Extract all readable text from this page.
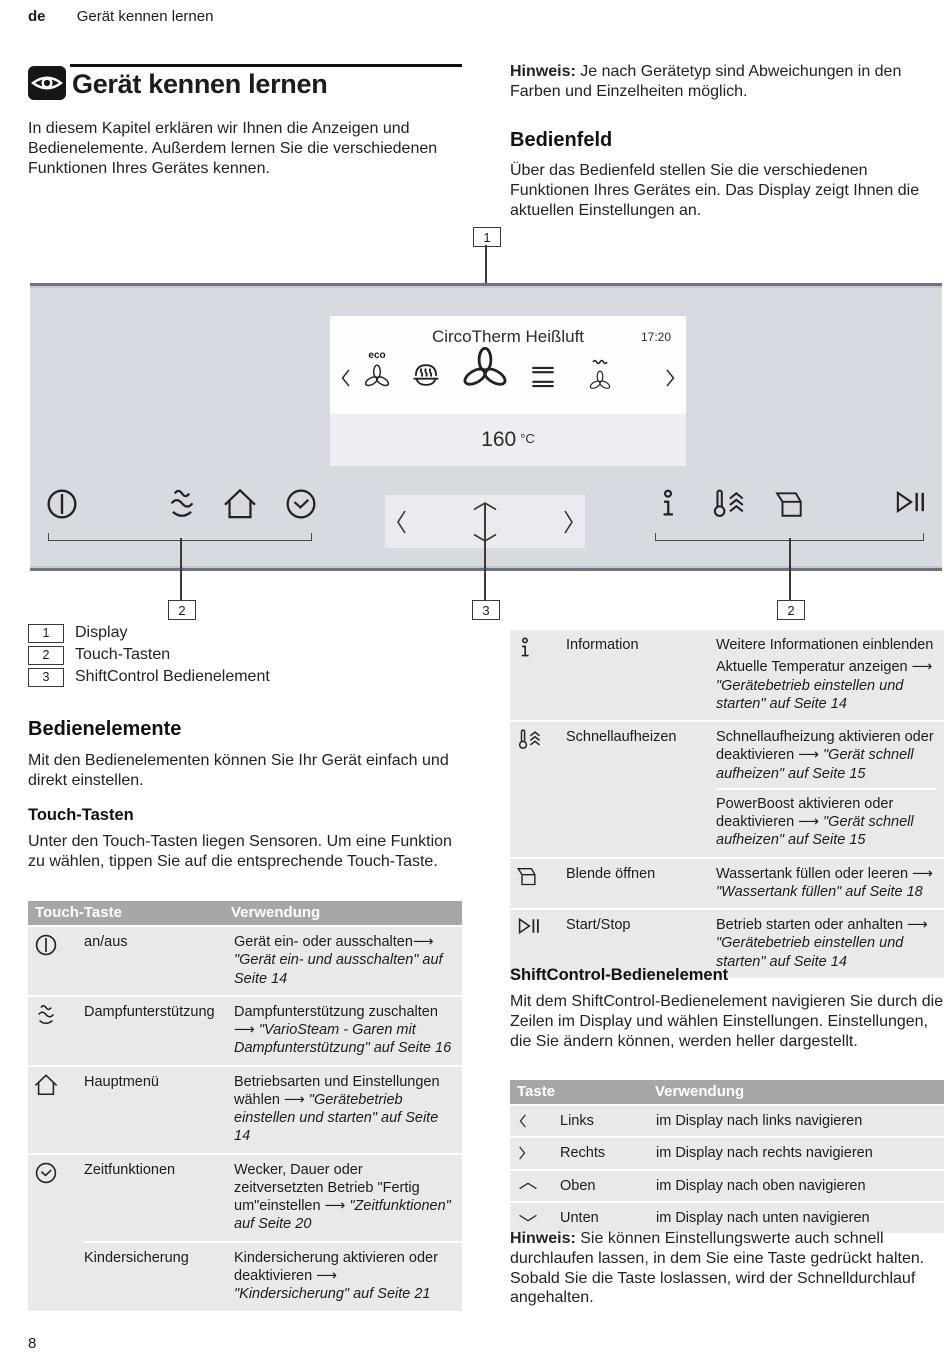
de Gerät kennen lernen
Gerät kennen lernen
In diesem Kapitel erklären wir Ihnen die Anzeigen und Bedienelemente. Außerdem lernen Sie die verschiedenen Funktionen Ihres Gerätes kennen.
Hinweis: Je nach Gerätetyp sind Abweichungen in den Farben und Einzelheiten möglich.
Bedienfeld
Über das Bedienfeld stellen Sie die verschiedenen Funktionen Ihres Gerätes ein. Das Display zeigt Ihnen die aktuellen Einstellungen an.
1
CircoTherm Heißluft	17:20
eco
160 °C
2	3	2
1	Display
2	Touch-Tasten
3	ShiftControl Bedienelement
Bedienelemente
Mit den Bedienelementen können Sie Ihr Gerät einfach und direkt einstellen.
Touch-Tasten
Unter den Touch-Tasten liegen Sensoren. Um eine Funktion zu wählen, tippen Sie auf die entsprechende Touch-Taste.
Touch-Taste	Verwendung
an/aus	Gerät ein- oder ausschalten⟶ "Gerät ein- und ausschalten" auf Seite 14
Dampfunterstützung	Dampfunterstützung zuschalten ⟶ "VarioSteam - Garen mit Dampfunterstützung" auf Seite 16
Hauptmenü	Betriebsarten und Einstellungen wählen ⟶ "Gerätebetrieb einstellen und starten" auf Seite 14
Zeitfunktionen	Wecker, Dauer oder zeitversetzten Betrieb "Fertig um"einstellen ⟶ "Zeitfunktionen" auf Seite 20
Kindersicherung	Kindersicherung aktivieren oder deaktivieren ⟶ "Kindersicherung" auf Seite 21
Information	Weitere Informationen einblenden
Aktuelle Temperatur anzeigen ⟶ "Gerätebetrieb einstellen und starten" auf Seite 14
Schnellaufheizen	Schnellaufheizung aktivieren oder deaktivieren ⟶ "Gerät schnell aufheizen" auf Seite 15
PowerBoost aktivieren oder deaktivieren ⟶ "Gerät schnell aufheizen" auf Seite 15
Blende öffnen	Wassertank füllen oder leeren ⟶ "Wassertank füllen" auf Seite 18
Start/Stop	Betrieb starten oder anhalten ⟶ "Gerätebetrieb einstellen und starten" auf Seite 14
ShiftControl-Bedienelement
Mit dem ShiftControl-Bedienelement navigieren Sie durch die Zeilen im Display und wählen Einstellungen. Einstellungen, die Sie ändern können, werden heller dargestellt.
Taste	Verwendung
Links	im Display nach links navigieren
Rechts	im Display nach rechts navigieren
Oben	im Display nach oben navigieren
Unten	im Display nach unten navigieren
Hinweis: Sie können Einstellungswerte auch schnell durchlaufen lassen, in dem Sie eine Taste gedrückt halten. Sobald Sie die Taste loslassen, wird der Schnelldurchlauf angehalten.
8
